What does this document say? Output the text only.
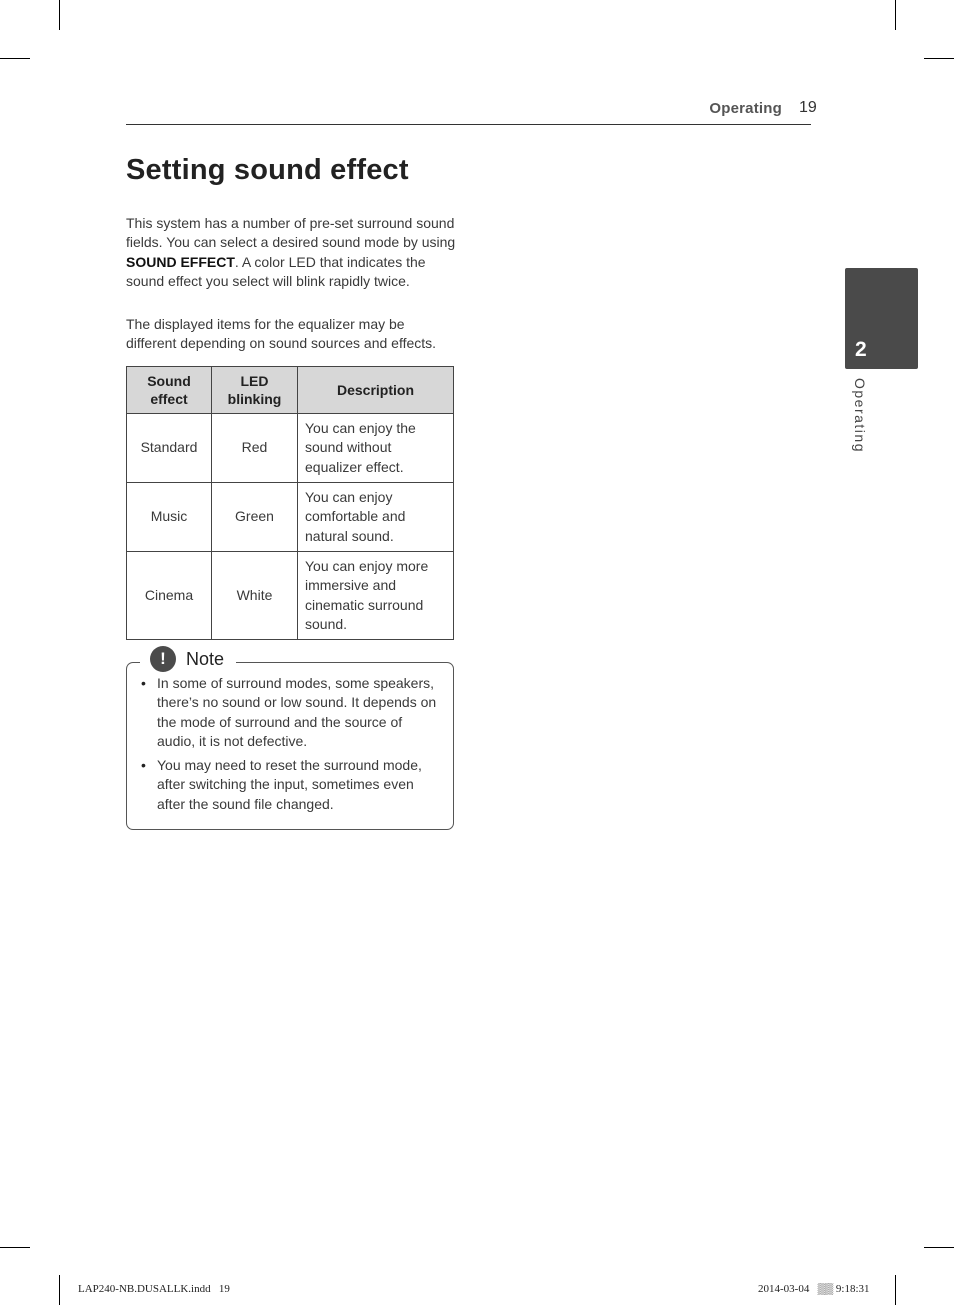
Operating 19
Setting sound effect

This system has a number of pre-set surround sound fields. You can select a desired sound mode by using SOUND EFFECT. A color LED that indicates the sound effect you select will blink rapidly twice.

The displayed items for the equalizer may be different depending on sound sources and effects.

Sound effect	LED blinking	Description
Standard	Red	You can enjoy the sound without equalizer effect.
Music	Green	You can enjoy comfortable and natural sound.
Cinema	White	You can enjoy more immersive and cinematic surround sound.
!	Note
• In some of surround modes, some speakers, there’s no sound or low sound. It depends on the mode of surround and the source of audio, it is not defective.
• You may need to reset the surround mode, after switching the input, sometimes even after the sound file changed.
2
Operating
LAP240-NB.DUSALLK.indd   19	2014-03-04   ▒▒ 9:18:31
